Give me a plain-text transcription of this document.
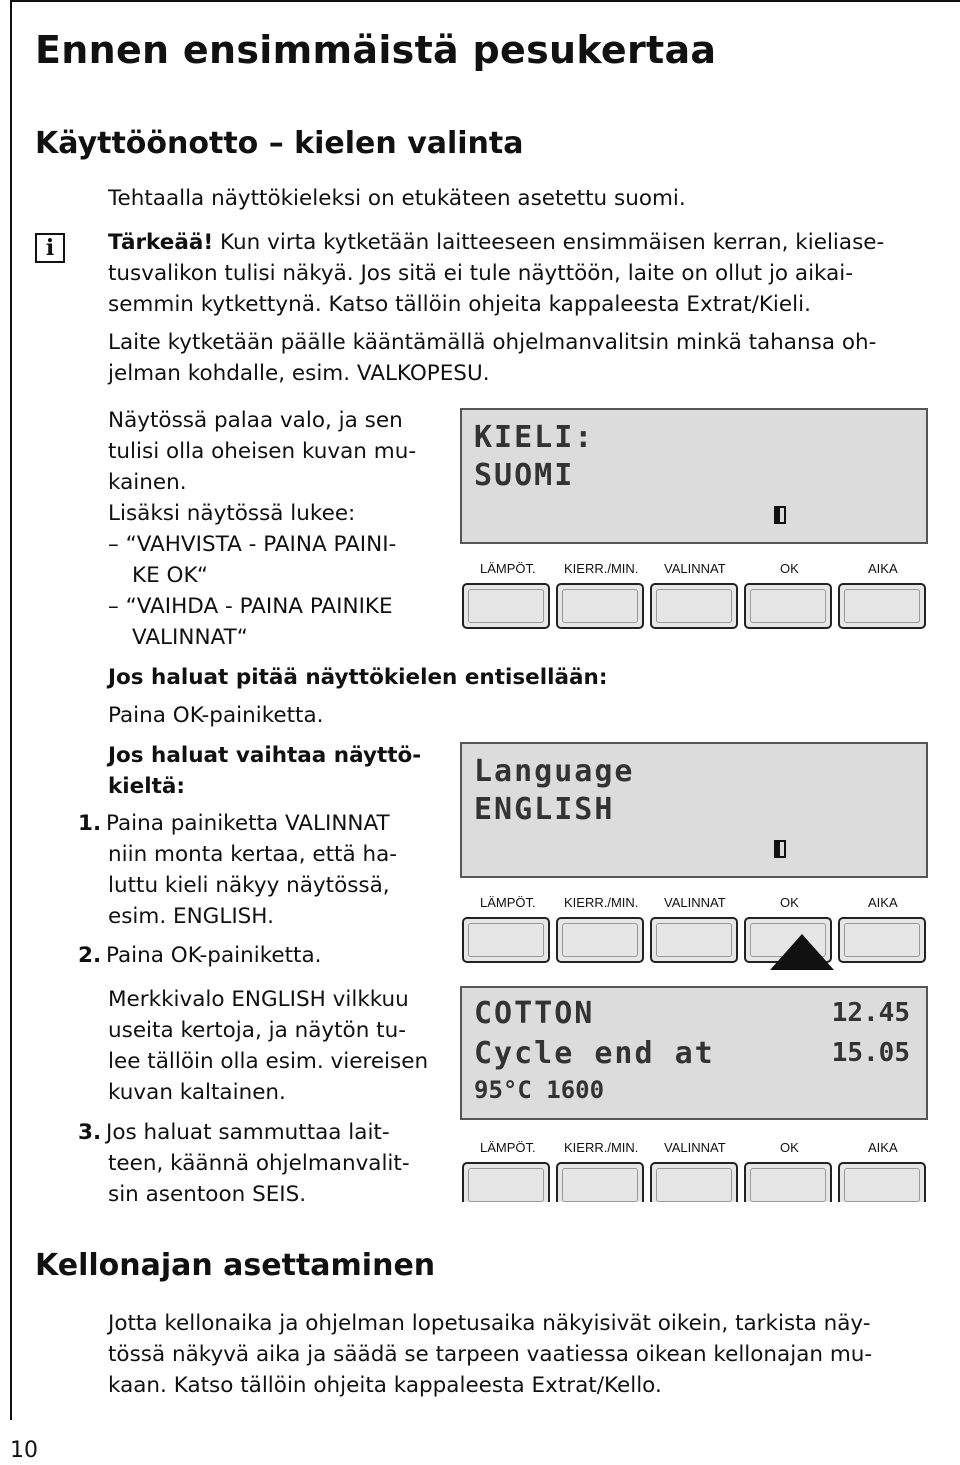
Ennen ensimmäistä pesukertaa
Käyttöönotto – kielen valinta

Tehtaalla näyttökieleksi on etukäteen asetettu suomi.

i	Tärkeää! Kun virta kytketään laitteeseen ensimmäisen kerran, kieliase-
tusvalikon tulisi näkyä. Jos sitä ei tule näyttöön, laite on ollut jo aikai-
semmin kytkettynä. Katso tällöin ohjeita kappaleesta Extrat/Kieli.

Laite kytketään päälle kääntämällä ohjelmanvalitsin minkä tahansa oh-
jelman kohdalle, esim. VALKOPESU.

Näytössä palaa valo, ja sen
tulisi olla oheisen kuvan mu-
kainen.
Lisäksi näytössä lukee:
– “VAHVISTA - PAINA PAINI-
KE OK“
– “VAIHDA - PAINA PAINIKE
VALINNAT“

Jos haluat pitää näyttökielen entisellään:

Paina OK-painiketta.

Jos haluat vaihtaa näyttö-
kieltä:

1. Paina painiketta VALINNAT
niin monta kertaa, että ha-
luttu kieli näkyy näytössä,
esim. ENGLISH.

2. Paina OK-painiketta.

Merkkivalo ENGLISH vilkkuu
useita kertoja, ja näytön tu-
lee tällöin olla esim. viereisen
kuvan kaltainen.

3. Jos haluat sammuttaa lait-
teen, käännä ohjelmanvalit-
sin asentoon SEIS.

KIELI:
SUOMI
LÄMPÖT. KIERR./MIN. VALINNAT	OK	AIKA
Language
ENGLISH
LÄMPÖT. KIERR./MIN. VALINNAT	OK	AIKA
COTTON	12.45
Cycle end at	15.05
95°C 1600
LÄMPÖT. KIERR./MIN. VALINNAT	OK	AIKA
Kellonajan asettaminen

Jotta kellonaika ja ohjelman lopetusaika näkyisivät oikein, tarkista näy-
tössä näkyvä aika ja säädä se tarpeen vaatiessa oikean kellonajan mu-
kaan. Katso tällöin ohjeita kappaleesta Extrat/Kello.

10
